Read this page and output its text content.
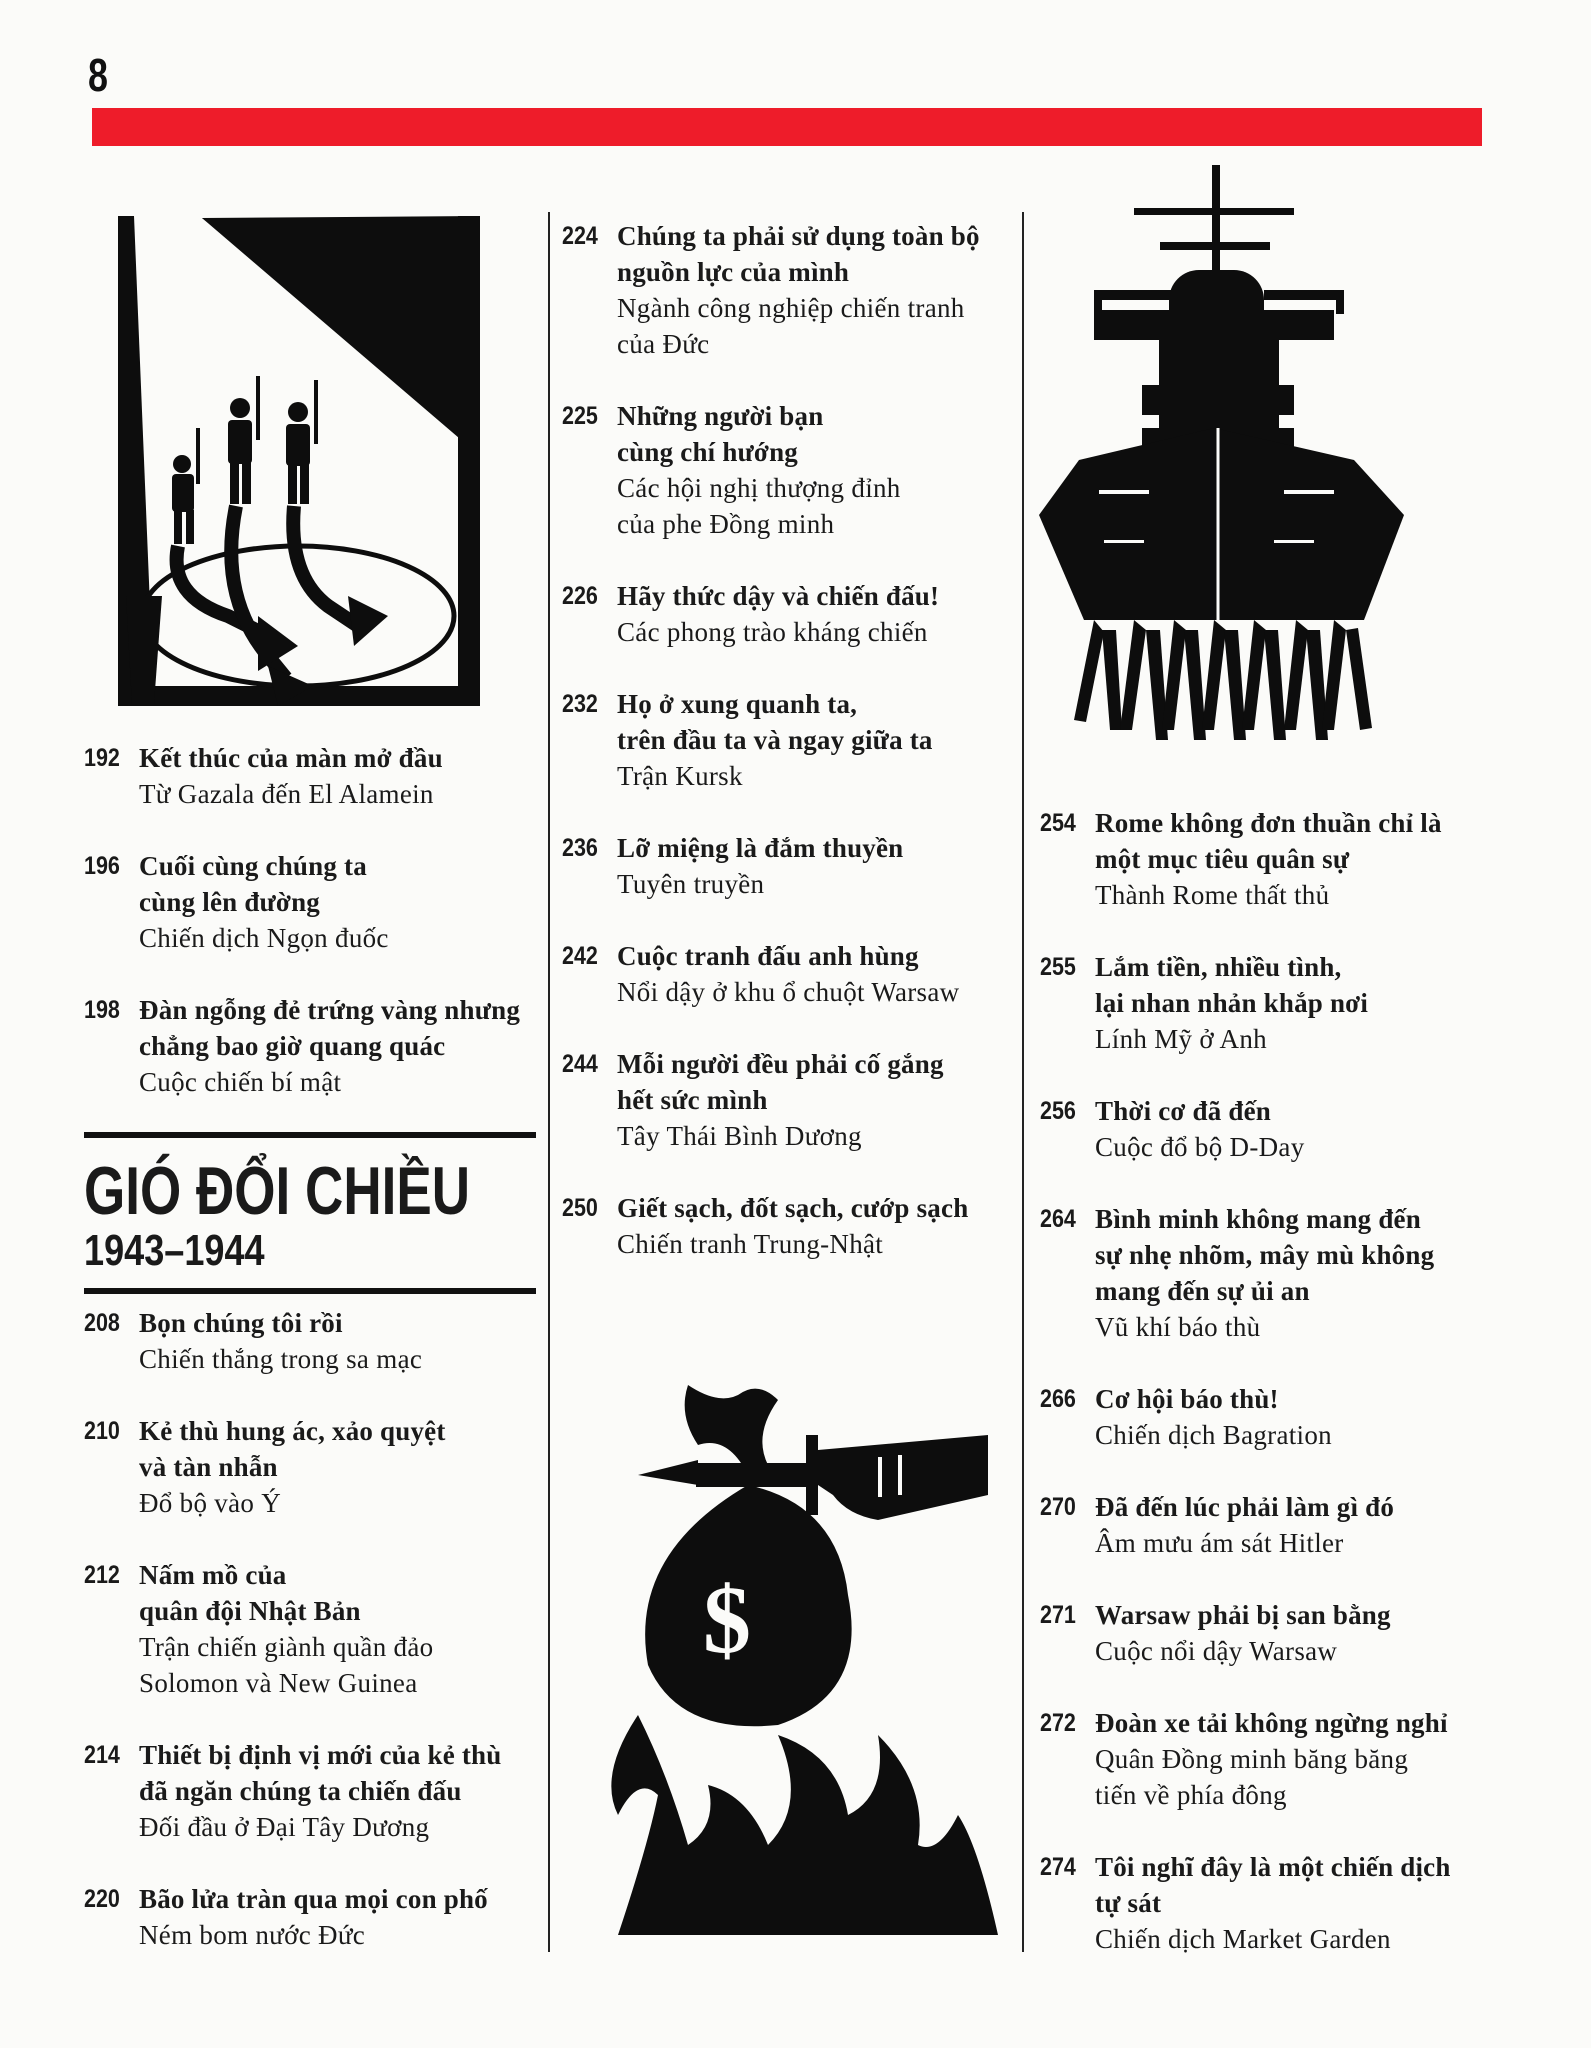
8
$
192 Kết thúc của màn mở đầu
Từ Gazala đến El Alamein
196 Cuối cùng chúng ta
cùng lên đường
Chiến dịch Ngọn đuốc
198 Đàn ngỗng đẻ trứng vàng nhưng
chẳng bao giờ quang quác
Cuộc chiến bí mật
GIÓ ĐỔI CHIỀU
1943–1944
208 Bọn chúng tôi rồi
Chiến thắng trong sa mạc
210 Kẻ thù hung ác, xảo quyệt
và tàn nhẫn
Đổ bộ vào Ý
212 Nấm mồ của
quân đội Nhật Bản
Trận chiến giành quần đảo
Solomon và New Guinea
214 Thiết bị định vị mới của kẻ thù
đã ngăn chúng ta chiến đấu
Đối đầu ở Đại Tây Dương
220 Bão lửa tràn qua mọi con phố
Ném bom nước Đức
224 Chúng ta phải sử dụng toàn bộ
nguồn lực của mình
Ngành công nghiệp chiến tranh
của Đức
225 Những người bạn
cùng chí hướng
Các hội nghị thượng đỉnh
của phe Đồng minh
226 Hãy thức dậy và chiến đấu!
Các phong trào kháng chiến
232 Họ ở xung quanh ta,
trên đầu ta và ngay giữa ta
Trận Kursk
236 Lỡ miệng là đắm thuyền
Tuyên truyền
242 Cuộc tranh đấu anh hùng
Nổi dậy ở khu ổ chuột Warsaw
244 Mỗi người đều phải cố gắng
hết sức mình
Tây Thái Bình Dương
250 Giết sạch, đốt sạch, cướp sạch
Chiến tranh Trung-Nhật
254 Rome không đơn thuần chỉ là
một mục tiêu quân sự
Thành Rome thất thủ
255 Lắm tiền, nhiều tình,
lại nhan nhản khắp nơi
Lính Mỹ ở Anh
256 Thời cơ đã đến
Cuộc đổ bộ D-Day
264 Bình minh không mang đến
sự nhẹ nhõm, mây mù không
mang đến sự ủi an
Vũ khí báo thù
266 Cơ hội báo thù!
Chiến dịch Bagration
270 Đã đến lúc phải làm gì đó
Âm mưu ám sát Hitler
271 Warsaw phải bị san bằng
Cuộc nổi dậy Warsaw
272 Đoàn xe tải không ngừng nghỉ
Quân Đồng minh băng băng
tiến về phía đông
274 Tôi nghĩ đây là một chiến dịch
tự sát
Chiến dịch Market Garden
